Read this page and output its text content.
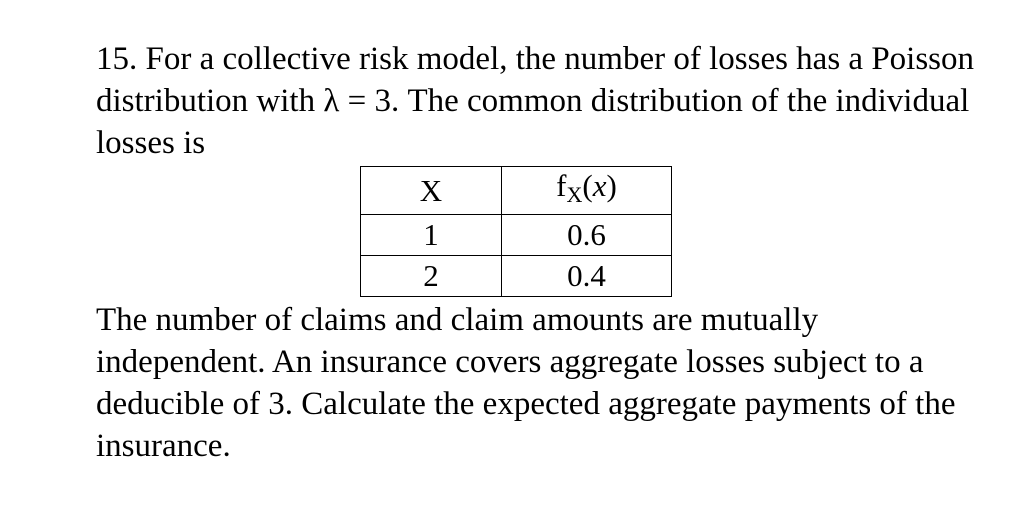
15. For a collective risk model, the number of losses has a Poisson distribution with λ = 3. The common distribution of the individual losses is

X	fX(x)
1	0.6
2	0.4

The number of claims and claim amounts are mutually independent. An insurance covers aggregate losses subject to a deducible of 3. Calculate the expected aggregate payments of the insurance.
